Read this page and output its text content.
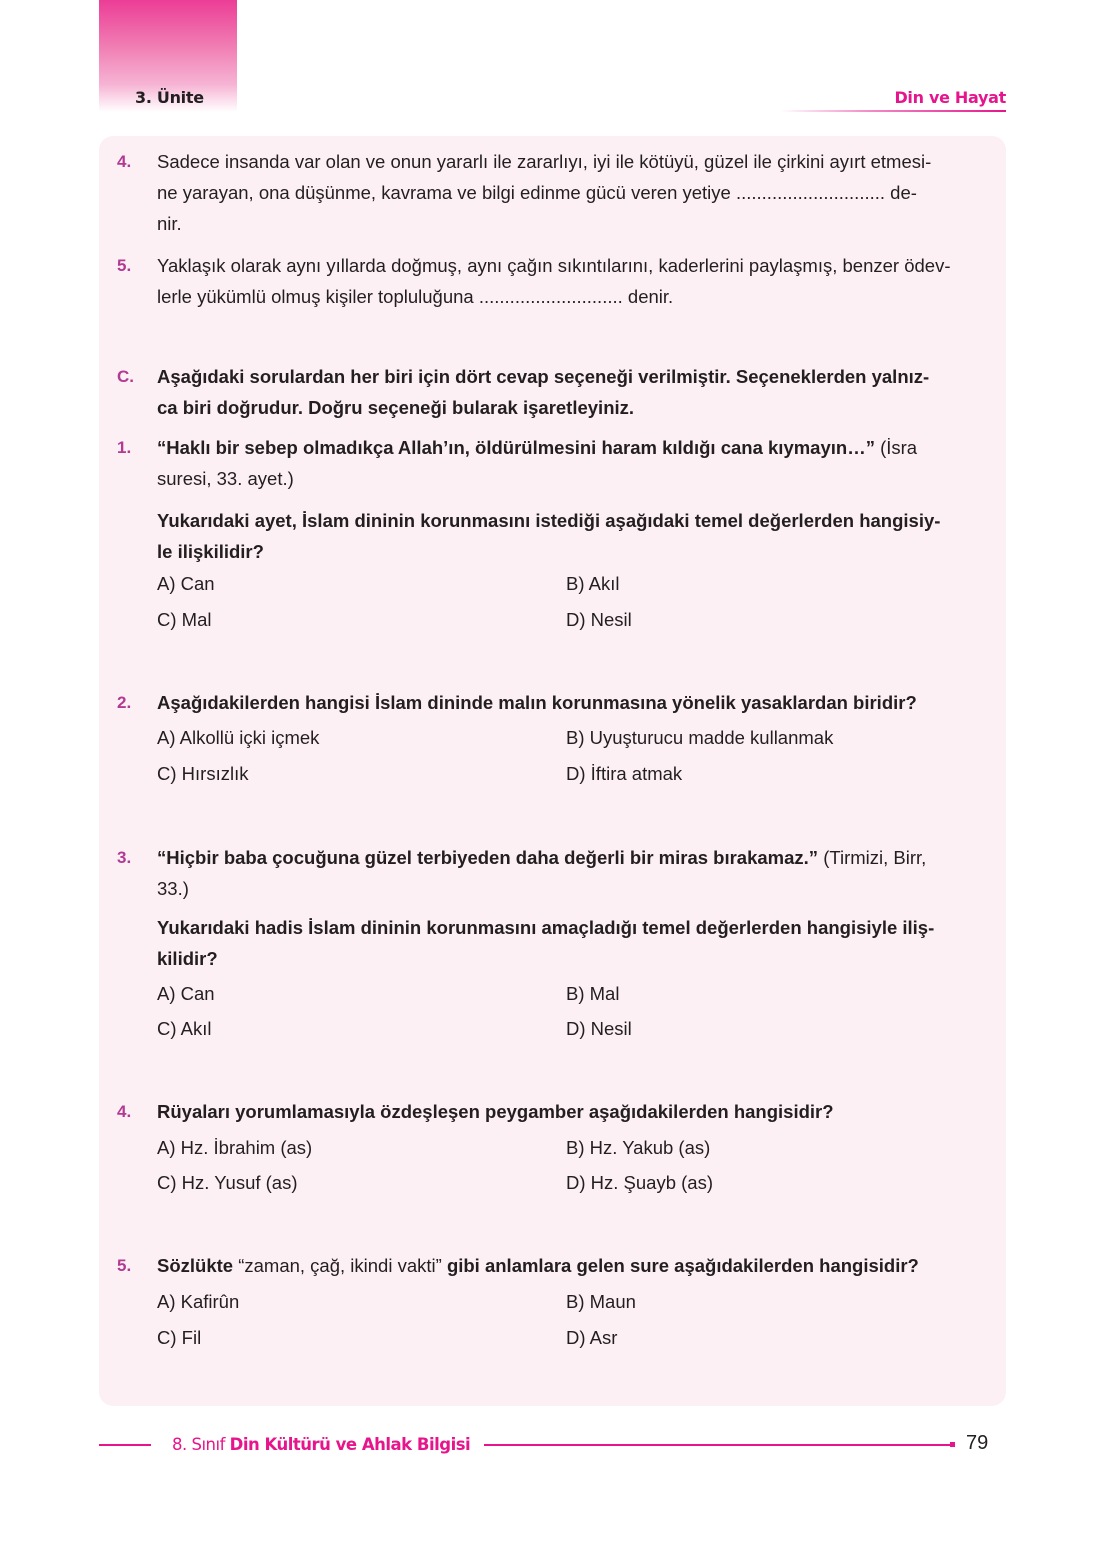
3. Ünite	Din ve Hayat
4. Sadece insanda var olan ve onun yararlı ile zararlıyı, iyi ile kötüyü, güzel ile çirkini ayırt etmesi-
ne yarayan, ona düşünme, kavrama ve bilgi edinme gücü veren yetiye ............................. de-
nir.
5. Yaklaşık olarak aynı yıllarda doğmuş, aynı çağın sıkıntılarını, kaderlerini paylaşmış, benzer ödev-
lerle yükümlü olmuş kişiler topluluğuna ............................ denir.
C. Aşağıdaki sorulardan her biri için dört cevap seçeneği verilmiştir. Seçeneklerden yalnız-
ca biri doğrudur. Doğru seçeneği bularak işaretleyiniz.
1. “Haklı bir sebep olmadıkça Allah’ın, öldürülmesini haram kıldığı cana kıymayın…” (İsra
suresi, 33. ayet.)
Yukarıdaki ayet, İslam dininin korunmasını istediği aşağıdaki temel değerlerden hangisiy-
le ilişkilidir?
A) Can	B) Akıl
C) Mal	D) Nesil
2. Aşağıdakilerden hangisi İslam dininde malın korunmasına yönelik yasaklardan biridir?
A) Alkollü içki içmek	B) Uyuşturucu madde kullanmak
C) Hırsızlık	D) İftira atmak
3. “Hiçbir baba çocuğuna güzel terbiyeden daha değerli bir miras bırakamaz.” (Tirmizi, Birr,
33.)
Yukarıdaki hadis İslam dininin korunmasını amaçladığı temel değerlerden hangisiyle iliş-
kilidir?
A) Can	B) Mal
C) Akıl	D) Nesil
4. Rüyaları yorumlamasıyla özdeşleşen peygamber aşağıdakilerden hangisidir?
A) Hz. İbrahim (as)	B) Hz. Yakub (as)
C) Hz. Yusuf (as)	D) Hz. Şuayb (as)
5. Sözlükte “zaman, çağ, ikindi vakti” gibi anlamlara gelen sure aşağıdakilerden hangisidir?
A) Kafirûn	B) Maun
C) Fil	D) Asr
8. Sınıf Din Kültürü ve Ahlak Bilgisi	79
